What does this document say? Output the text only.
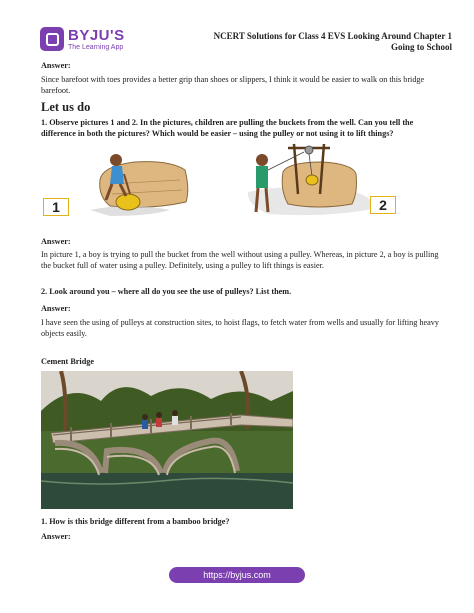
BYJU'S
The Learning App
NCERT Solutions for Class 4 EVS Looking Around Chapter 1
Going to School
Answer:
Since barefoot with toes provides a better grip than shoes or slippers, I think it would be easier to walk on this bridge barefoot.
Let us do
1. Observe pictures 1 and 2. In the pictures, children are pulling the buckets from the well. Can you tell the difference in both the pictures? Which would be easier – using the pulley or not using it to lift things?
1	2
Answer:
In picture 1, a boy is trying to pull the bucket from the well without using a pulley. Whereas, in picture 2, a boy is pulling the bucket full of water using a pulley. Definitely, using a pulley to lift things is easier.
2. Look around you – where all do you see the use of pulleys? List them.
Answer:
I have seen the using of pulleys at construction sites, to hoist flags, to fetch water from wells and usually for lifting heavy objects easily.
Cement Bridge
1. How is this bridge different from a bamboo bridge?
Answer:
https://byjus.com
